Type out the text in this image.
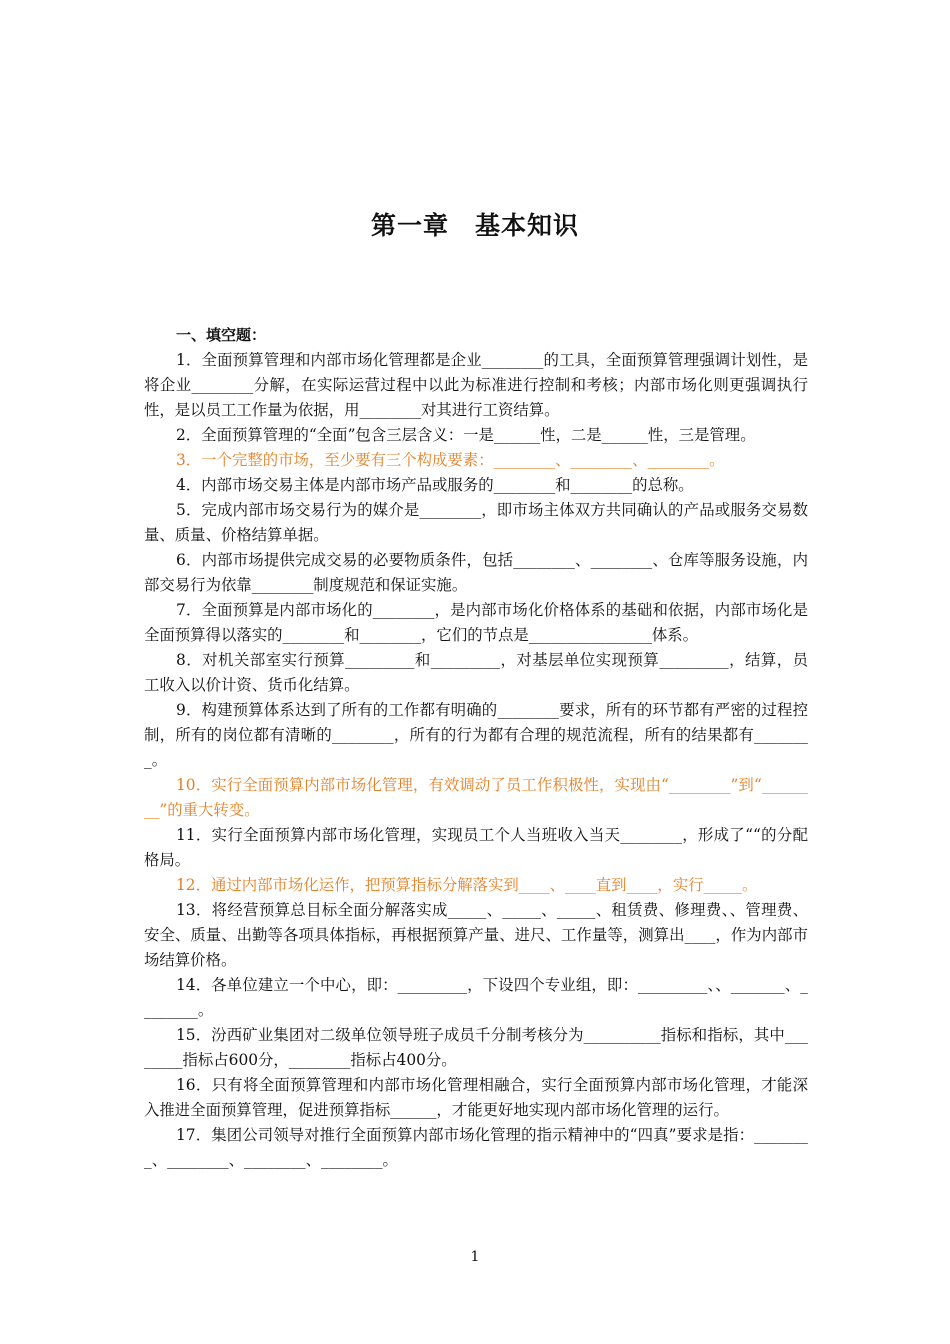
第一章　基本知识
一、填空题：

1．全面预算管理和内部市场化管理都是企业________的工具，全面预算管理强调计划性，是将企业________分解，在实际运营过程中以此为标准进行控制和考核；内部市场化则更强调执行性，是以员工工作量为依据，用________对其进行工资结算。

2．全面预算管理的“全面”包含三层含义：一是______性，二是______性，三是管理。

3．一个完整的市场，至少要有三个构成要素：________、________、________。

4．内部市场交易主体是内部市场产品或服务的________和________的总称。

5．完成内部市场交易行为的媒介是________，即市场主体双方共同确认的产品或服务交易数量、质量、价格结算单据。

6．内部市场提供完成交易的必要物质条件，包括________、________、仓库等服务设施，内部交易行为依靠________制度规范和保证实施。

7．全面预算是内部市场化的________，是内部市场化价格体系的基础和依据，内部市场化是全面预算得以落实的________和________，它们的节点是________________体系。

8．对机关部室实行预算_________和_________，对基层单位实现预算_________，结算，员工收入以价计资、货币化结算。

9．构建预算体系达到了所有的工作都有明确的________要求，所有的环节都有严密的过程控制，所有的岗位都有清晰的________，所有的行为都有合理的规范流程，所有的结果都有________。

10．实行全面预算内部市场化管理，有效调动了员工作积极性，实现由“________”到“________”的重大转变。

11．实行全面预算内部市场化管理，实现员工个人当班收入当天________，形成了““的分配格局。

12．通过内部市场化运作，把预算指标分解落实到____、____直到____，实行_____。

13．将经营预算总目标全面分解落实成_____、_____、_____、租赁费、修理费、、管理费、安全、质量、出勤等各项具体指标，再根据预算产量、进尺、工作量等，测算出____，作为内部市场结算价格。

14．各单位建立一个中心，即：_________，下设四个专业组，即：_________、、_______、________。

15．汾西矿业集团对二级单位领导班子成员千分制考核分为__________指标和指标，其中________指标占600分，________指标占400分。

16．只有将全面预算管理和内部市场化管理相融合，实行全面预算内部市场化管理，才能深入推进全面预算管理，促进预算指标______，才能更好地实现内部市场化管理的运行。

17．集团公司领导对推行全面预算内部市场化管理的指示精神中的“四真”要求是指：________、________、________、________。

1
